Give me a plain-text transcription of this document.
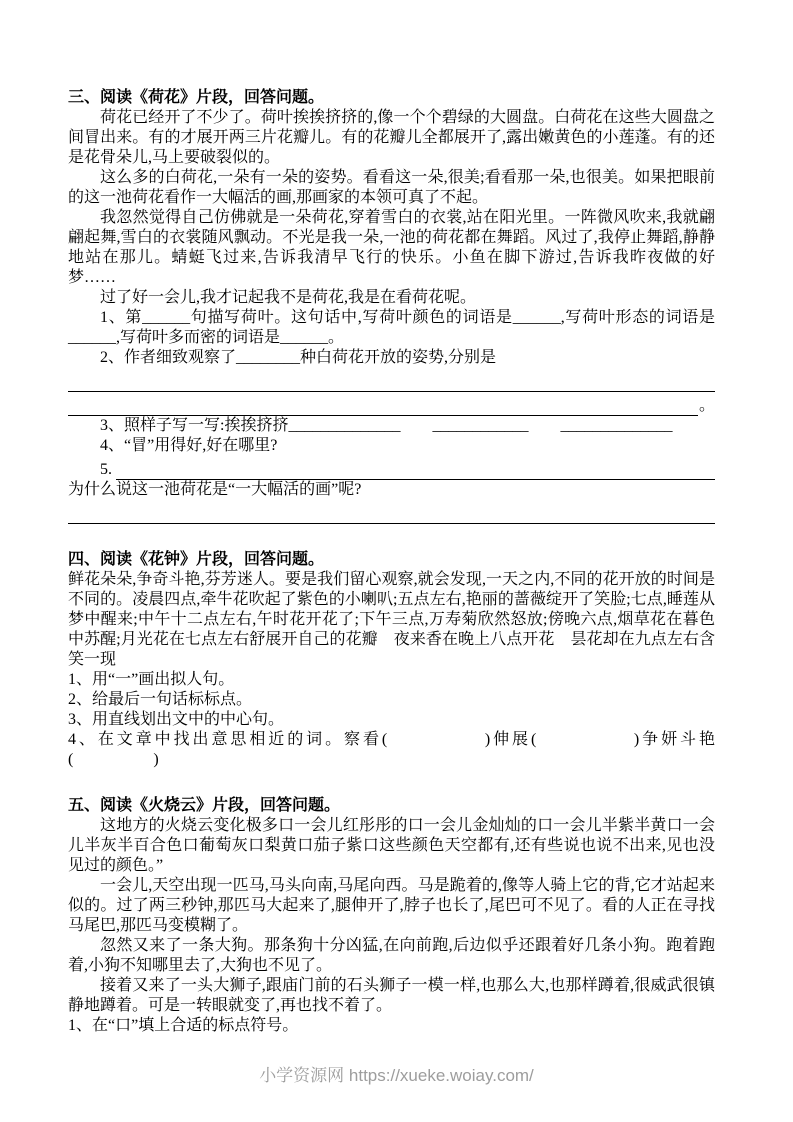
三、阅读《荷花》片段，回答问题。
荷花已经开了不少了。荷叶挨挨挤挤的,像一个个碧绿的大圆盘。白荷花在这些大圆盘之间冒出来。有的才展开两三片花瓣儿。有的花瓣儿全都展开了,露出嫩黄色的小莲蓬。有的还是花骨朵儿,马上要破裂似的。
这么多的白荷花,一朵有一朵的姿势。看看这一朵,很美;看看那一朵,也很美。如果把眼前的这一池荷花看作一大幅活的画,那画家的本领可真了不起。
我忽然觉得自己仿佛就是一朵荷花,穿着雪白的衣裳,站在阳光里。一阵微风吹来,我就翩翩起舞,雪白的衣裳随风飘动。不光是我一朵,一池的荷花都在舞蹈。风过了,我停止舞蹈,静静地站在那儿。蜻蜓飞过来,告诉我清早飞行的快乐。小鱼在脚下游过,告诉我昨夜做的好梦……
过了好一会儿,我才记起我不是荷花,我是在看荷花呢。
1、第______句描写荷叶。这句话中,写荷叶颜色的词语是______,写荷叶形态的词语是______,写荷叶多而密的词语是______。
2、作者细致观察了________种白荷花开放的姿势,分别是
。
3、照样子写一写:挨挨挤挤______________　　____________　　______________
4、“冒”用得好,好在哪里?
5.
为什么说这一池荷花是“一大幅活的画”呢?
四、阅读《花钟》片段，回答问题。
鲜花朵朵,争奇斗艳,芬芳迷人。要是我们留心观察,就会发现,一天之内,不同的花开放的时间是不同的。凌晨四点,牵牛花吹起了紫色的小喇叭;五点左右,艳丽的蔷薇绽开了笑脸;七点,睡莲从梦中醒来;中午十二点左右,午时花开花了;下午三点,万寿菊欣然怒放;傍晚六点,烟草花在暮色中苏醒;月光花在七点左右舒展开自己的花瓣　夜来香在晚上八点开花　昙花却在九点左右含笑一现
1、用“一”画出拟人句。
2、给最后一句话标标点。
3、用直线划出文中的中心句。
4、在文章中找出意思相近的词。察看(　　　　　)伸展(　　　　　)争妍斗艳　(　　　　　)
五、阅读《火烧云》片段，回答问题。
这地方的火烧云变化极多口一会儿红彤彤的口一会儿金灿灿的口一会儿半紫半黄口一会儿半灰半百合色口葡萄灰口梨黄口茄子紫口这些颜色天空都有,还有些说也说不出来,见也没见过的颜色。”
一会儿,天空出现一匹马,马头向南,马尾向西。马是跪着的,像等人骑上它的背,它才站起来似的。过了两三秒钟,那匹马大起来了,腿伸开了,脖子也长了,尾巴可不见了。看的人正在寻找马尾巴,那匹马变模糊了。
忽然又来了一条大狗。那条狗十分凶猛,在向前跑,后边似乎还跟着好几条小狗。跑着跑着,小狗不知哪里去了,大狗也不见了。
接着又来了一头大狮子,跟庙门前的石头狮子一模一样,也那么大,也那样蹲着,很威武很镇静地蹲着。可是一转眼就变了,再也找不着了。
1、在“口”填上合适的标点符号。
小学资源网 https://xueke.woiay.com/
